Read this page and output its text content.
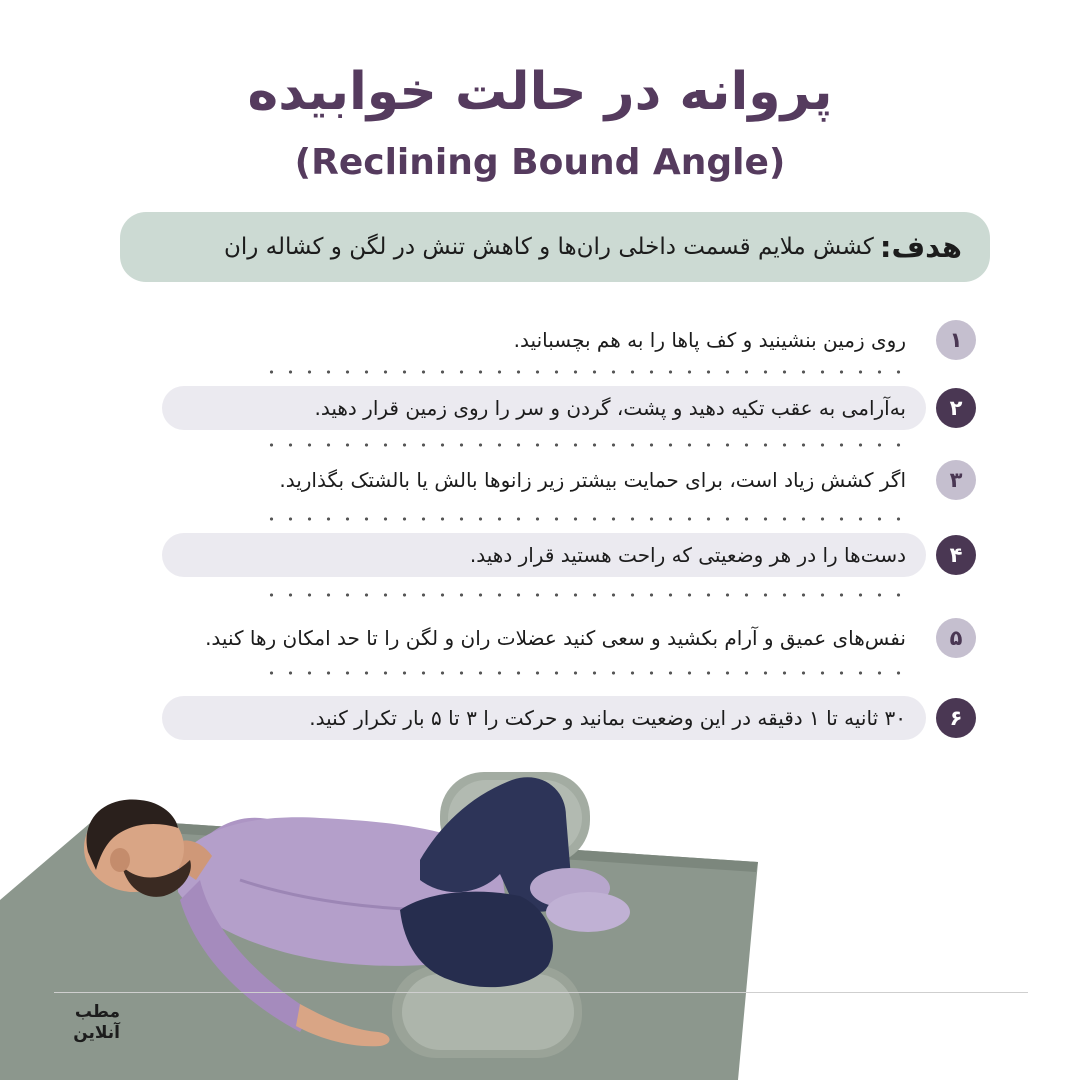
پروانه در حالت خوابیده
(Reclining Bound Angle)
هدف:
کشش ملایم قسمت داخلی ران‌ها و کاهش تنش در لگن و کشاله ران
۱
روی زمین بنشینید و کف پاها را به هم بچسبانید.
۲
به‌آرامی به عقب تکیه دهید و پشت، گردن و سر را روی زمین قرار دهید.
۳
اگر کشش زیاد است، برای حمایت بیشتر زیر زانوها بالش یا بالشتک بگذارید.
۴
دست‌ها را در هر وضعیتی که راحت هستید قرار دهید.
۵
نفس‌های عمیق و آرام بکشید و سعی کنید عضلات ران و لگن را تا حد امکان رها کنید.
۶
۳۰ ثانیه تا ۱ دقیقه در این وضعیت بمانید و حرکت را ۳ تا ۵ بار تکرار کنید.
مطب
آنلاین
